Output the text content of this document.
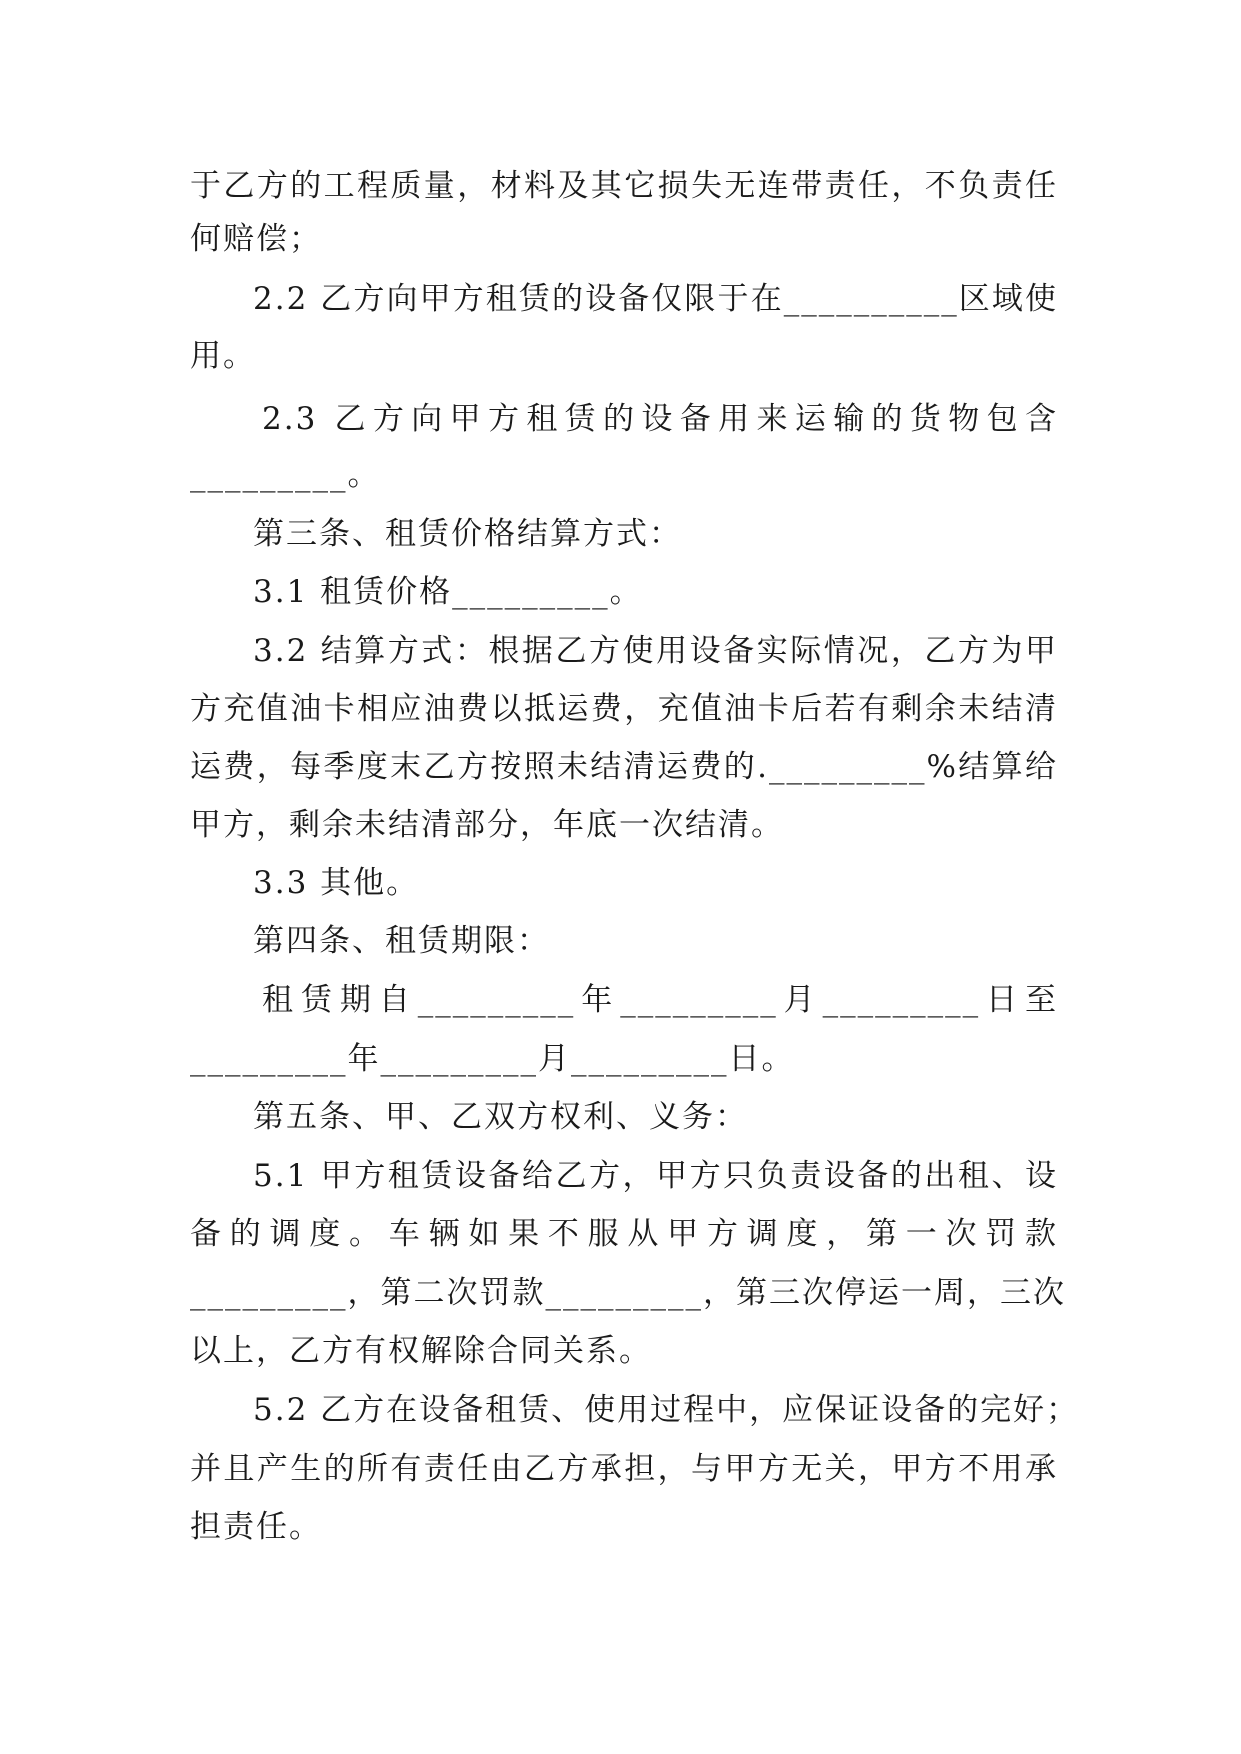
于乙方的工程质量，材料及其它损失无连带责任，不负责任
何赔偿；
2.2 乙方向甲方租赁的设备仅限于在__________区域使
用。
2.3 乙方向甲方租赁的设备用来运输的货物包含
_________。
第三条、租赁价格结算方式：
3.1 租赁价格_________。
3.2 结算方式：根据乙方使用设备实际情况，乙方为甲
方充值油卡相应油费以抵运费，充值油卡后若有剩余未结清
运费，每季度末乙方按照未结清运费的._________%结算给
甲方，剩余未结清部分，年底一次结清。
3.3 其他。
第四条、租赁期限：
租赁期自_________年_________月_________日至
_________年_________月_________日。
第五条、甲、乙双方权利、义务：
5.1 甲方租赁设备给乙方，甲方只负责设备的出租、设
备的调度。车辆如果不服从甲方调度，第一次罚款
_________，第二次罚款_________，第三次停运一周，三次
以上，乙方有权解除合同关系。
5.2 乙方在设备租赁、使用过程中，应保证设备的完好；
并且产生的所有责任由乙方承担，与甲方无关，甲方不用承
担责任。
